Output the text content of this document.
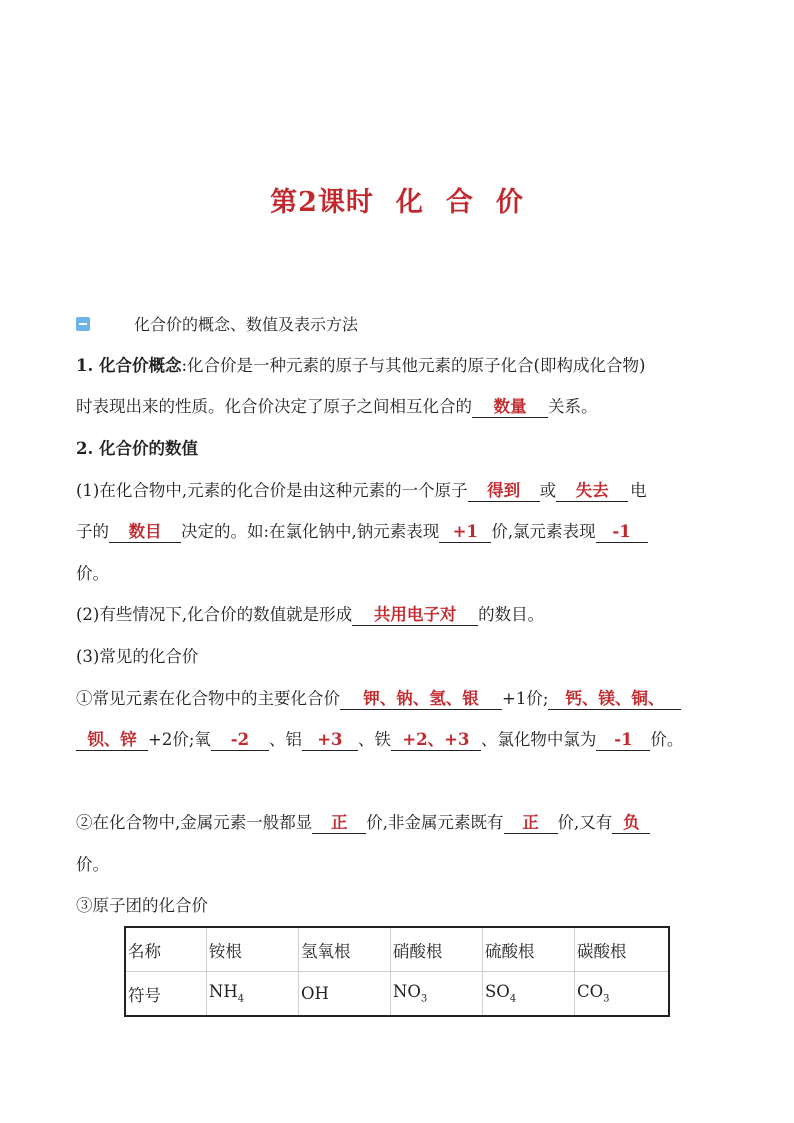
第2课时 化 合 价
化合价的概念、数值及表示方法
1. 化合价概念:化合价是一种元素的原子与其他元素的原子化合(即构成化合物)
时表现出来的性质。化合价决定了原子之间相互化合的 数量 关系。
2. 化合价的数值
(1)在化合物中,元素的化合价是由这种元素的一个原子 得到 或 失去 电
子的 数目 决定的。如:在氯化钠中,钠元素表现 +1 价,氯元素表现 -1
价。
(2)有些情况下,化合价的数值就是形成 共用电子对 的数目。
(3)常见的化合价
①常见元素在化合物中的主要化合价 钾、钠、氢、银 +1价; 钙、镁、铜、
钡、锌 +2价;氧 -2 、铝 +3 、铁 +2、+3 、氯化物中氯为 -1 价。
②在化合物中,金属元素一般都显 正 价,非金属元素既有 正 价,又有 负
价。
③原子团的化合价
名称	铵根	氢氧根	硝酸根	硫酸根	碳酸根
符号	$NH_4$	OH	$NO_3$	$SO_4$	$CO_3$
